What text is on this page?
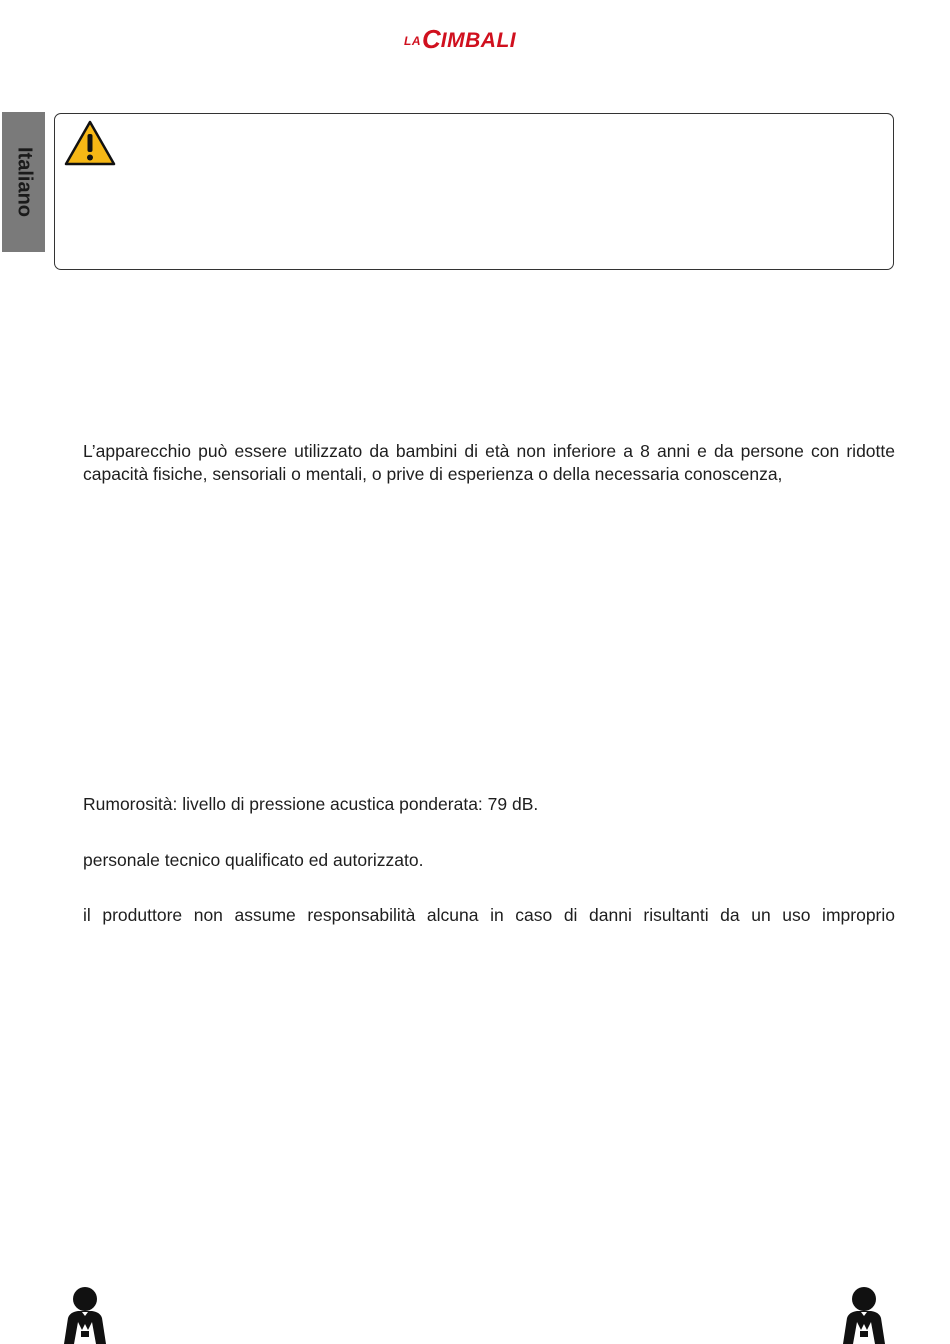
LA C IMBALI
Italiano
L’apparecchio può essere utilizzato da bambini di età non inferiore a 8 anni e da persone con ridotte capacità fisiche, sensoriali o mentali, o prive di esperienza o della necessaria conoscenza,
Rumorosità: livello di pressione acustica ponderata: 79 dB.
personale tecnico qualificato ed autorizzato.
il produttore non assume responsabilità alcuna in caso di danni risultanti da un uso improprio
